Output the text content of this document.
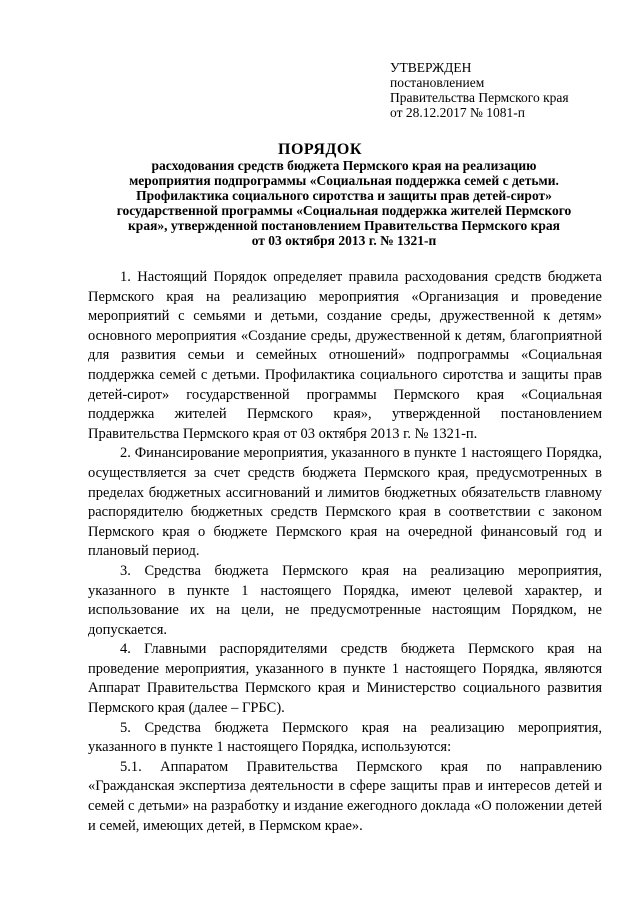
УТВЕРЖДЕН
постановлением
Правительства Пермского края
от 28.12.2017 № 1081-п
ПОРЯДОК
расходования средств бюджета Пермского края на реализацию
мероприятия подпрограммы «Социальная поддержка семей с детьми.
Профилактика социального сиротства и защиты прав детей-сирот»
государственной программы «Социальная поддержка жителей Пермского
края», утвержденной постановлением Правительства Пермского края
от 03 октября 2013 г. № 1321-п

1. Настоящий Порядок определяет правила расходования средств бюджета Пермского края на реализацию мероприятия «Организация и проведение мероприятий с семьями и детьми, создание среды, дружественной к детям» основного мероприятия «Создание среды, дружественной к детям, благоприятной для развития семьи и семейных отношений» подпрограммы «Социальная поддержка семей с детьми. Профилактика социального сиротства и защиты прав детей-сирот» государственной программы Пермского края «Социальная поддержка жителей Пермского края», утвержденной постановлением Правительства Пермского края от 03 октября 2013 г. № 1321-п.

2. Финансирование мероприятия, указанного в пункте 1 настоящего Порядка, осуществляется за счет средств бюджета Пермского края, предусмотренных в пределах бюджетных ассигнований и лимитов бюджетных обязательств главному распорядителю бюджетных средств Пермского края в соответствии с законом Пермского края о бюджете Пермского края на очередной финансовый год и плановый период.

3. Средства бюджета Пермского края на реализацию мероприятия, указанного в пункте 1 настоящего Порядка, имеют целевой характер, и использование их на цели, не предусмотренные настоящим Порядком, не допускается.

4. Главными распорядителями средств бюджета Пермского края на проведение мероприятия, указанного в пункте 1 настоящего Порядка, являются Аппарат Правительства Пермского края и Министерство социального развития Пермского края (далее – ГРБС).

5. Средства бюджета Пермского края на реализацию мероприятия, указанного в пункте 1 настоящего Порядка, используются:

5.1. Аппаратом Правительства Пермского края по направлению «Гражданская экспертиза деятельности в сфере защиты прав и интересов детей и семей с детьми» на разработку и издание ежегодного доклада «О положении детей и семей, имеющих детей, в Пермском крае».
